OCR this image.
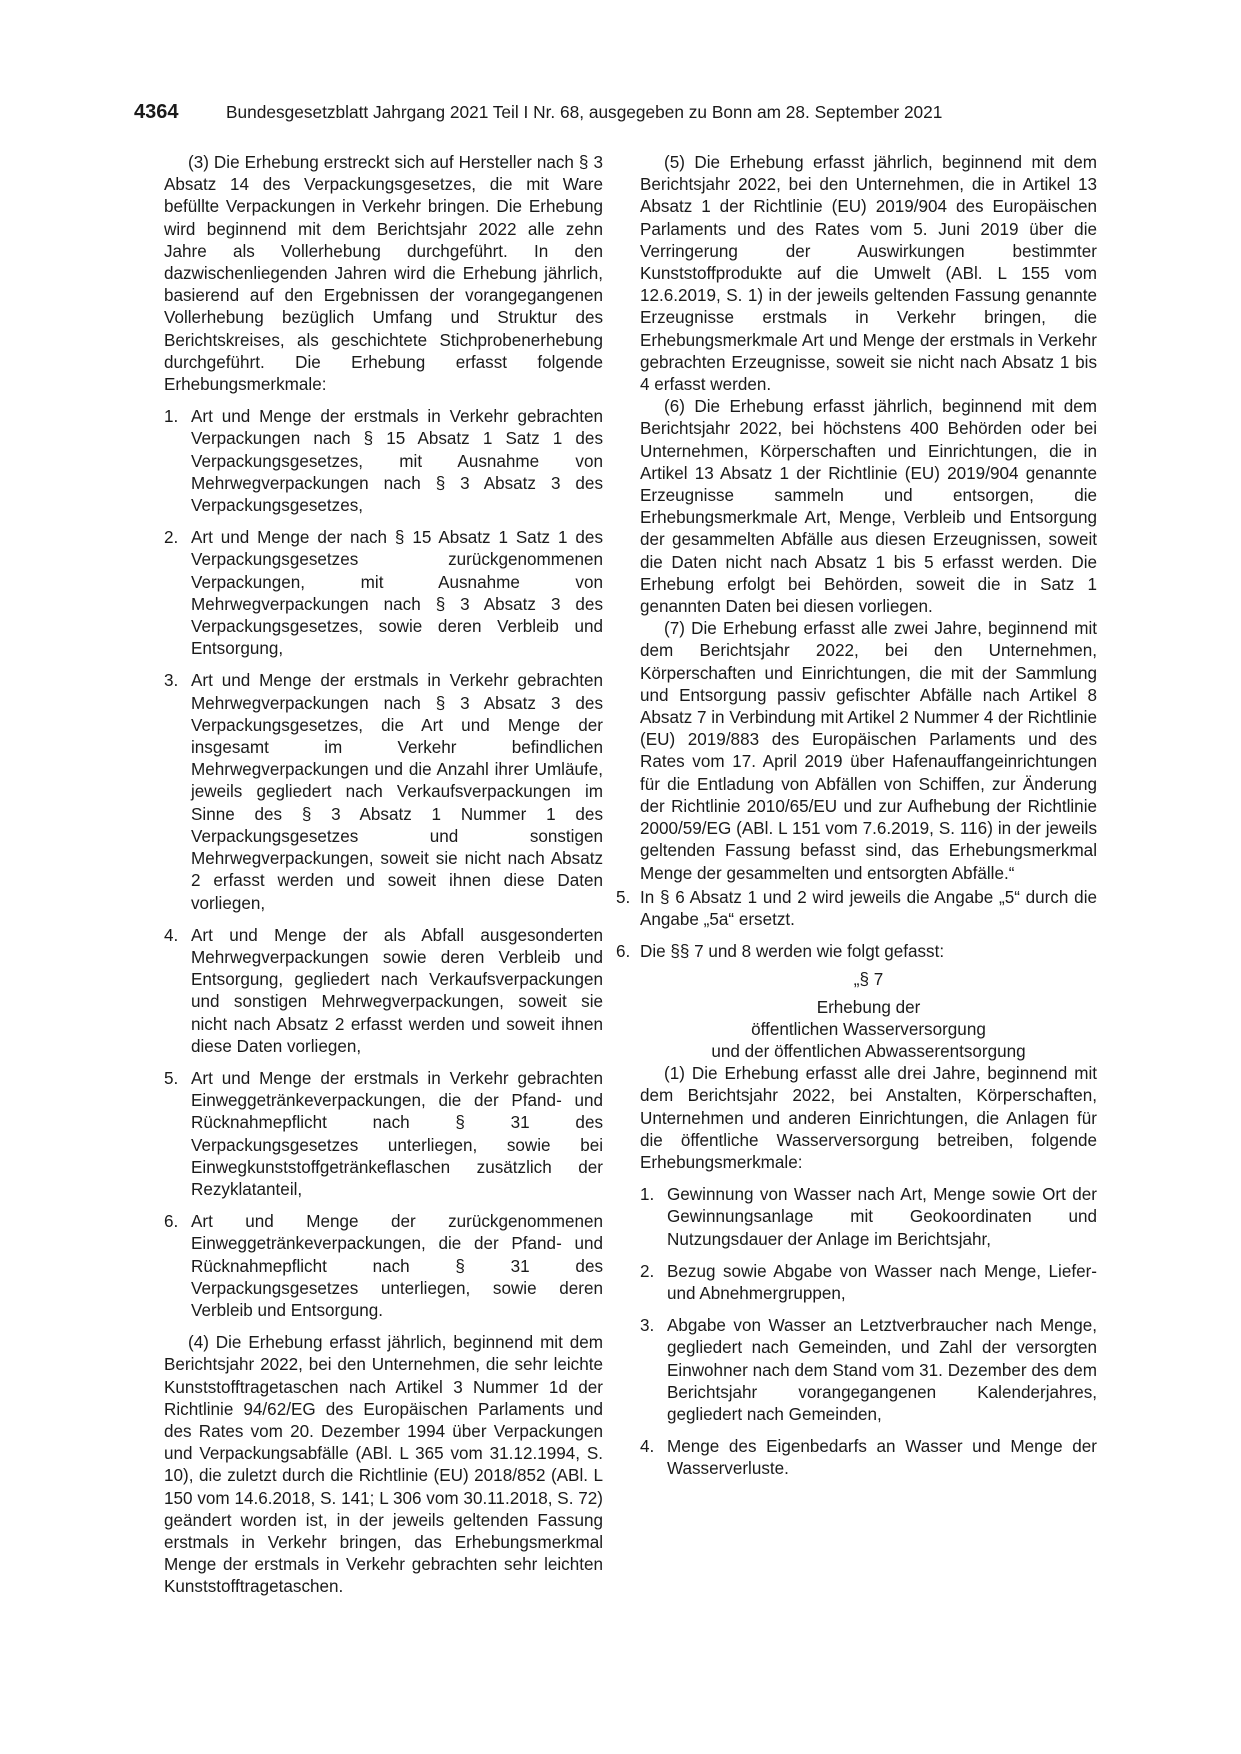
4364	Bundesgesetzblatt Jahrgang 2021 Teil I Nr. 68, ausgegeben zu Bonn am 28. September 2021

(3) Die Erhebung erstreckt sich auf Hersteller nach § 3 Absatz 14 des Verpackungsgesetzes, die mit Ware befüllte Verpackungen in Verkehr bringen. Die Erhebung wird beginnend mit dem Berichtsjahr 2022 alle zehn Jahre als Vollerhebung durchgeführt. In den dazwischenliegenden Jahren wird die Erhebung jährlich, basierend auf den Ergebnissen der vorangegangenen Vollerhebung bezüglich Umfang und Struktur des Berichtskreises, als geschichtete Stichprobenerhebung durchgeführt. Die Erhebung erfasst folgende Erhebungsmerkmale:

1. Art und Menge der erstmals in Verkehr gebrachten Verpackungen nach § 15 Absatz 1 Satz 1 des Verpackungsgesetzes, mit Ausnahme von Mehrwegverpackungen nach § 3 Absatz 3 des Verpackungsgesetzes,
2. Art und Menge der nach § 15 Absatz 1 Satz 1 des Verpackungsgesetzes zurückgenommenen Verpackungen, mit Ausnahme von Mehrwegverpackungen nach § 3 Absatz 3 des Verpackungsgesetzes, sowie deren Verbleib und Entsorgung,
3. Art und Menge der erstmals in Verkehr gebrachten Mehrwegverpackungen nach § 3 Absatz 3 des Verpackungsgesetzes, die Art und Menge der insgesamt im Verkehr befindlichen Mehrwegverpackungen und die Anzahl ihrer Umläufe, jeweils gegliedert nach Verkaufsverpackungen im Sinne des § 3 Absatz 1 Nummer 1 des Verpackungsgesetzes und sonstigen Mehrwegverpackungen, soweit sie nicht nach Absatz 2 erfasst werden und soweit ihnen diese Daten vorliegen,
4. Art und Menge der als Abfall ausgesonderten Mehrwegverpackungen sowie deren Verbleib und Entsorgung, gegliedert nach Verkaufsverpackungen und sonstigen Mehrwegverpackungen, soweit sie nicht nach Absatz 2 erfasst werden und soweit ihnen diese Daten vorliegen,
5. Art und Menge der erstmals in Verkehr gebrachten Einweggetränkeverpackungen, die der Pfand- und Rücknahmepflicht nach § 31 des Verpackungsgesetzes unterliegen, sowie bei Einwegkunststoffgetränkeflaschen zusätzlich der Rezyklatanteil,
6. Art und Menge der zurückgenommenen Einweggetränkeverpackungen, die der Pfand- und Rücknahmepflicht nach § 31 des Verpackungsgesetzes unterliegen, sowie deren Verbleib und Entsorgung.

(4) Die Erhebung erfasst jährlich, beginnend mit dem Berichtsjahr 2022, bei den Unternehmen, die sehr leichte Kunststofftragetaschen nach Artikel 3 Nummer 1d der Richtlinie 94/62/EG des Europäischen Parlaments und des Rates vom 20. Dezember 1994 über Verpackungen und Verpackungsabfälle (ABl. L 365 vom 31.12.1994, S. 10), die zuletzt durch die Richtlinie (EU) 2018/852 (ABl. L 150 vom 14.6.2018, S. 141; L 306 vom 30.11.2018, S. 72) geändert worden ist, in der jeweils geltenden Fassung erstmals in Verkehr bringen, das Erhebungsmerkmal Menge der erstmals in Verkehr gebrachten sehr leichten Kunststofftragetaschen.

(5) Die Erhebung erfasst jährlich, beginnend mit dem Berichtsjahr 2022, bei den Unternehmen, die in Artikel 13 Absatz 1 der Richtlinie (EU) 2019/904 des Europäischen Parlaments und des Rates vom 5. Juni 2019 über die Verringerung der Auswirkungen bestimmter Kunststoffprodukte auf die Umwelt (ABl. L 155 vom 12.6.2019, S. 1) in der jeweils geltenden Fassung genannte Erzeugnisse erstmals in Verkehr bringen, die Erhebungsmerkmale Art und Menge der erstmals in Verkehr gebrachten Erzeugnisse, soweit sie nicht nach Absatz 1 bis 4 erfasst werden.

(6) Die Erhebung erfasst jährlich, beginnend mit dem Berichtsjahr 2022, bei höchstens 400 Behörden oder bei Unternehmen, Körperschaften und Einrichtungen, die in Artikel 13 Absatz 1 der Richtlinie (EU) 2019/904 genannte Erzeugnisse sammeln und entsorgen, die Erhebungsmerkmale Art, Menge, Verbleib und Entsorgung der gesammelten Abfälle aus diesen Erzeugnissen, soweit die Daten nicht nach Absatz 1 bis 5 erfasst werden. Die Erhebung erfolgt bei Behörden, soweit die in Satz 1 genannten Daten bei diesen vorliegen.

(7) Die Erhebung erfasst alle zwei Jahre, beginnend mit dem Berichtsjahr 2022, bei den Unternehmen, Körperschaften und Einrichtungen, die mit der Sammlung und Entsorgung passiv gefischter Abfälle nach Artikel 8 Absatz 7 in Verbindung mit Artikel 2 Nummer 4 der Richtlinie (EU) 2019/883 des Europäischen Parlaments und des Rates vom 17. April 2019 über Hafenauffangeinrichtungen für die Entladung von Abfällen von Schiffen, zur Änderung der Richtlinie 2010/65/EU und zur Aufhebung der Richtlinie 2000/59/EG (ABl. L 151 vom 7.6.2019, S. 116) in der jeweils geltenden Fassung befasst sind, das Erhebungsmerkmal Menge der gesammelten und entsorgten Abfälle.“

5. In § 6 Absatz 1 und 2 wird jeweils die Angabe „5“ durch die Angabe „5a“ ersetzt.
6. Die §§ 7 und 8 werden wie folgt gefasst:
„§ 7
Erhebung der
öffentlichen Wasserversorgung
und der öffentlichen Abwasserentsorgung

(1) Die Erhebung erfasst alle drei Jahre, beginnend mit dem Berichtsjahr 2022, bei Anstalten, Körperschaften, Unternehmen und anderen Einrichtungen, die Anlagen für die öffentliche Wasserversorgung betreiben, folgende Erhebungsmerkmale:

1. Gewinnung von Wasser nach Art, Menge sowie Ort der Gewinnungsanlage mit Geokoordinaten und Nutzungsdauer der Anlage im Berichtsjahr,
2. Bezug sowie Abgabe von Wasser nach Menge, Liefer- und Abnehmergruppen,
3. Abgabe von Wasser an Letztverbraucher nach Menge, gegliedert nach Gemeinden, und Zahl der versorgten Einwohner nach dem Stand vom 31. Dezember des dem Berichtsjahr vorangegangenen Kalenderjahres, gegliedert nach Gemeinden,
4. Menge des Eigenbedarfs an Wasser und Menge der Wasserverluste.
